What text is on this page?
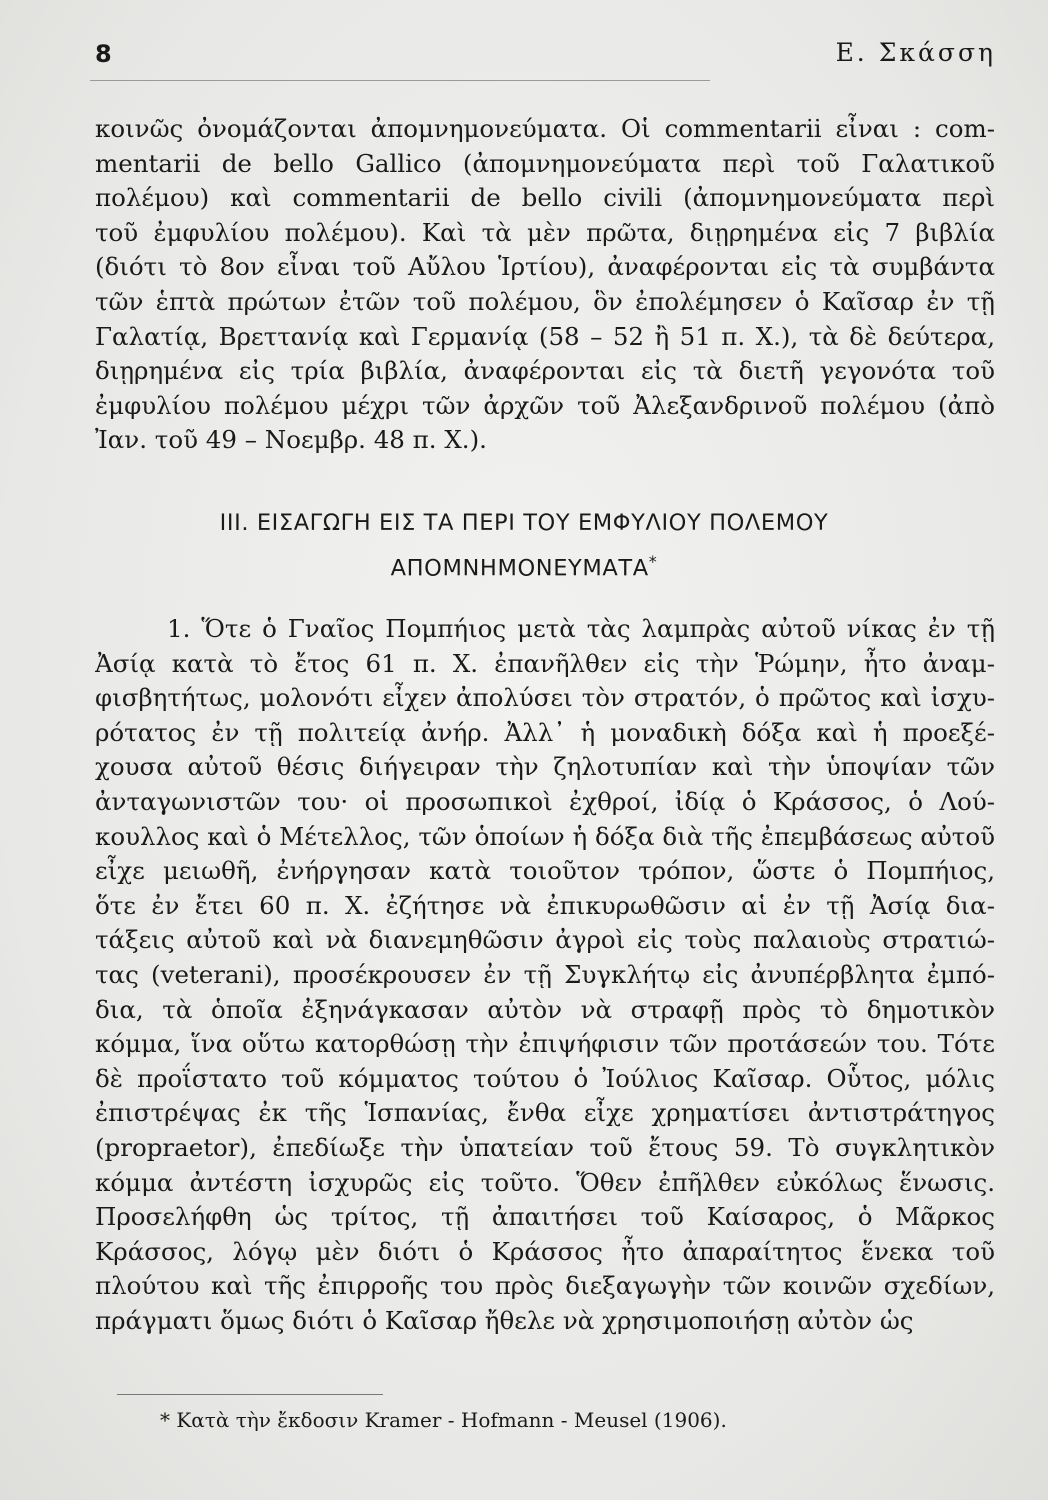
8	Ε. Σκάσση
κοινῶς ὀνομάζονται ἀπομνημονεύματα. Οἱ commentarii εἶναι : com-
mentarii de bello Gallico (ἀπομνημονεύματα περὶ τοῦ Γαλατικοῦ
πολέμου) καὶ commentarii de bello civili (ἀπομνημονεύματα περὶ
τοῦ ἐμφυλίου πολέμου). Καὶ τὰ μὲν πρῶτα, διῃρημένα εἰς 7 βιβλία
(διότι τὸ 8ον εἶναι τοῦ Αὔλου Ἱρτίου), ἀναφέρονται εἰς τὰ συμβάντα
τῶν ἑπτὰ πρώτων ἐτῶν τοῦ πολέμου, ὃν ἐπολέμησεν ὁ Καῖσαρ ἐν τῇ
Γαλατίᾳ, Βρεττανίᾳ καὶ Γερμανίᾳ (58 – 52 ἢ 51 π. Χ.), τὰ δὲ δεύτερα,
διῃρημένα εἰς τρία βιβλία, ἀναφέρονται εἰς τὰ διετῆ γεγονότα τοῦ
ἐμφυλίου πολέμου μέχρι τῶν ἀρχῶν τοῦ Ἀλεξανδρινοῦ πολέμου (ἀπὸ
Ἰαν. τοῦ 49 – Νοεμβρ. 48 π. Χ.).
III. ΕΙΣΑΓΩΓΗ ΕΙΣ ΤΑ ΠΕΡΙ ΤΟΥ ΕΜΦΥΛΙΟΥ ΠΟΛΕΜΟΥ
ΑΠΟΜΝΗΜΟΝΕΥΜΑΤΑ*
1. Ὅτε ὁ Γναῖος Πομπήιος μετὰ τὰς λαμπρὰς αὐτοῦ νίκας ἐν τῇ
Ἀσίᾳ κατὰ τὸ ἔτος 61 π. Χ. ἐπανῆλθεν εἰς τὴν Ῥώμην, ἦτο ἀναμ-
φισβητήτως, μολονότι εἶχεν ἀπολύσει τὸν στρατόν, ὁ πρῶτος καὶ ἰσχυ-
ρότατος ἐν τῇ πολιτείᾳ ἀνήρ. Ἀλλ᾽ ἡ μοναδικὴ δόξα καὶ ἡ προεξέ-
χουσα αὐτοῦ θέσις διήγειραν τὴν ζηλοτυπίαν καὶ τὴν ὑποψίαν τῶν
ἀνταγωνιστῶν του· οἱ προσωπικοὶ ἐχθροί, ἰδίᾳ ὁ Κράσσος, ὁ Λού-
κουλλος καὶ ὁ Μέτελλος, τῶν ὁποίων ἡ δόξα διὰ τῆς ἐπεμβάσεως αὐτοῦ
εἶχε μειωθῆ, ἐνήργησαν κατὰ τοιοῦτον τρόπον, ὥστε ὁ Πομπήιος,
ὅτε ἐν ἔτει 60 π. Χ. ἐζήτησε νὰ ἐπικυρωθῶσιν αἱ ἐν τῇ Ἀσίᾳ δια-
τάξεις αὐτοῦ καὶ νὰ διανεμηθῶσιν ἀγροὶ εἰς τοὺς παλαιοὺς στρατιώ-
τας (veterani), προσέκρουσεν ἐν τῇ Συγκλήτῳ εἰς ἀνυπέρβλητα ἐμπό-
δια, τὰ ὁποῖα ἐξηνάγκασαν αὐτὸν νὰ στραφῇ πρὸς τὸ δημοτικὸν
κόμμα, ἵνα οὕτω κατορθώσῃ τὴν ἐπιψήφισιν τῶν προτάσεών του. Τότε
δὲ προΐστατο τοῦ κόμματος τούτου ὁ Ἰούλιος Καῖσαρ. Οὗτος, μόλις
ἐπιστρέψας ἐκ τῆς Ἱσπανίας, ἔνθα εἶχε χρηματίσει ἀντιστράτηγος
(propraetor), ἐπεδίωξε τὴν ὑπατείαν τοῦ ἔτους 59. Τὸ συγκλητικὸν
κόμμα ἀντέστη ἰσχυρῶς εἰς τοῦτο. Ὅθεν ἐπῆλθεν εὐκόλως ἕνωσις.
Προσελήφθη ὡς τρίτος, τῇ ἀπαιτήσει τοῦ Καίσαρος, ὁ Μᾶρκος
Κράσσος, λόγῳ μὲν διότι ὁ Κράσσος ἦτο ἀπαραίτητος ἕνεκα τοῦ
πλούτου καὶ τῆς ἐπιρροῆς του πρὸς διεξαγωγὴν τῶν κοινῶν σχεδίων,
πράγματι ὅμως διότι ὁ Καῖσαρ ἤθελε νὰ χρησιμοποιήσῃ αὐτὸν ὡς
* Κατὰ τὴν ἔκδοσιν Kramer - Hofmann - Meusel (1906).
